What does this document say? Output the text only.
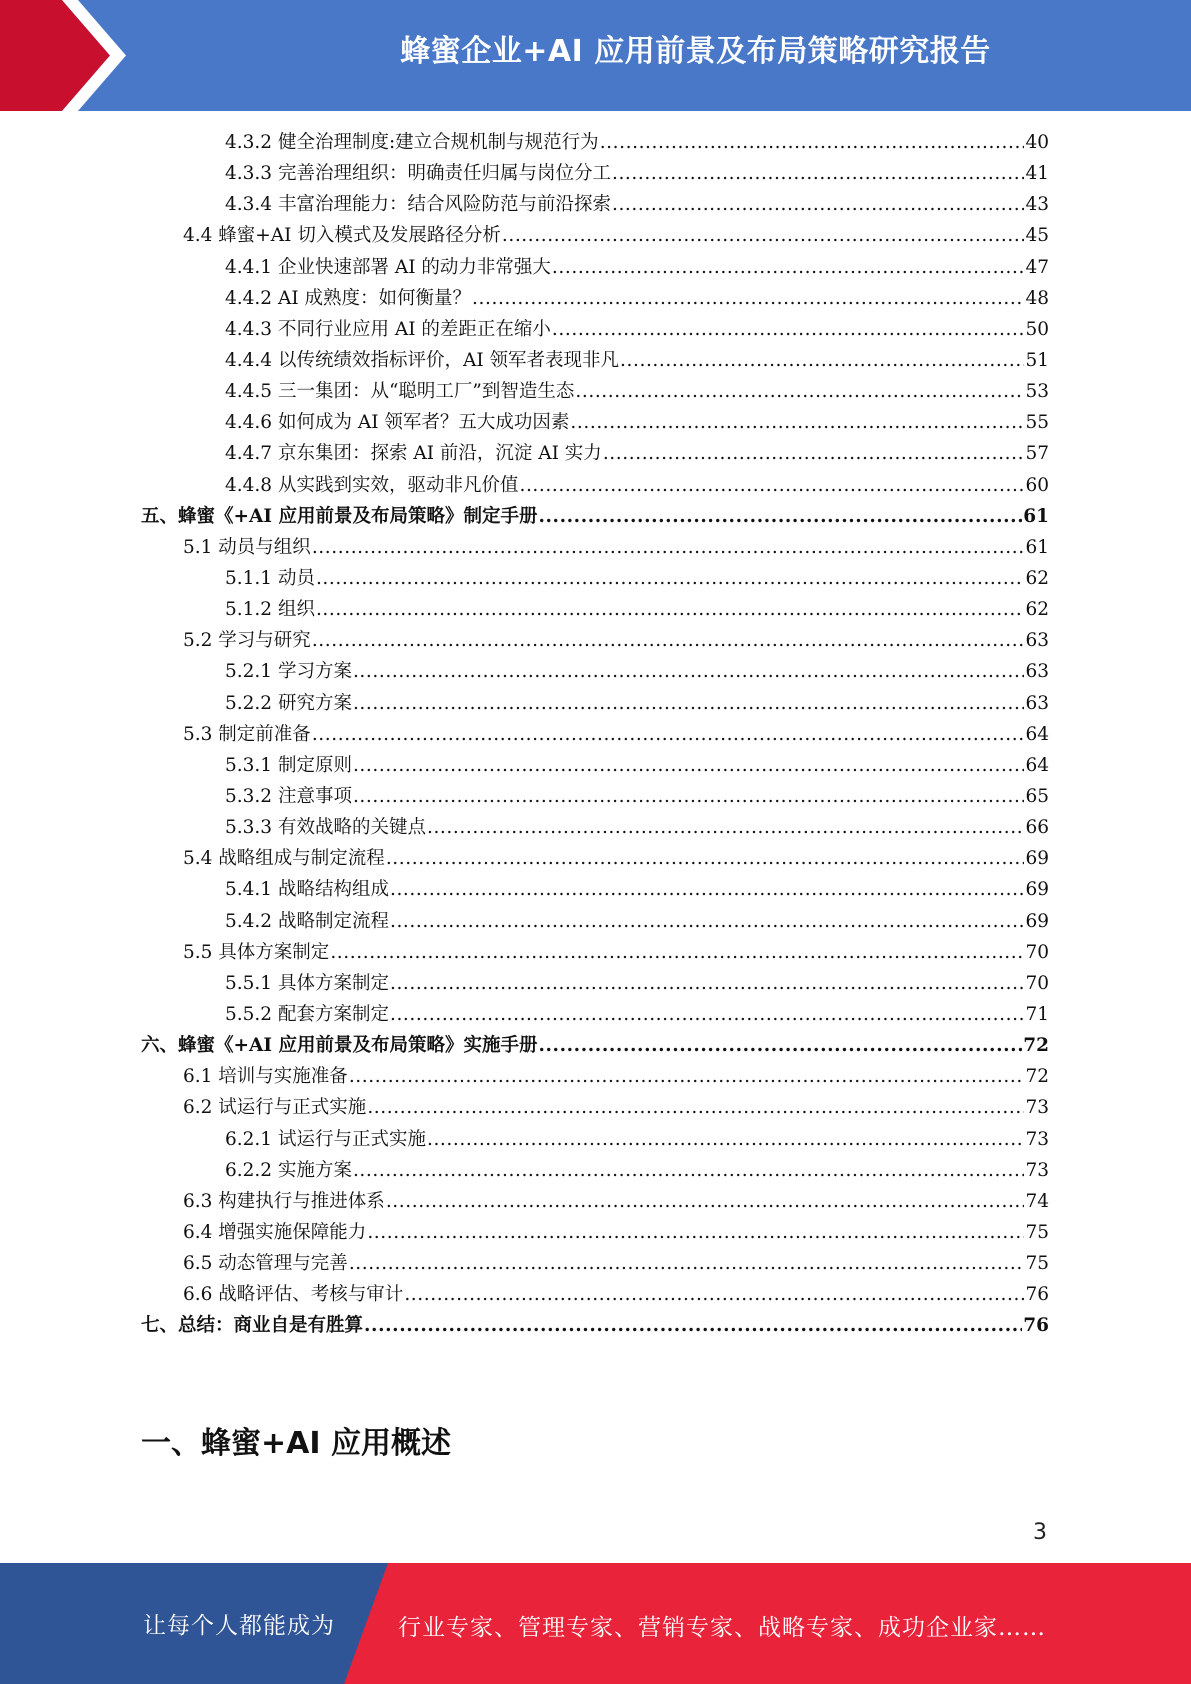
蜂蜜企业+AI 应用前景及布局策略研究报告
4.3.2 健全治理制度:建立合规机制与规范行为 .....	40
4.3.3 完善治理组织：明确责任归属与岗位分工 .....	41
4.3.4 丰富治理能力：结合风险防范与前沿探索 .....	43
4.4 蜂蜜+AI 切入模式及发展路径分析 .....	45
4.4.1 企业快速部署 AI 的动力非常强大 .....	47
4.4.2 AI 成熟度：如何衡量？ .....	48
4.4.3 不同行业应用 AI 的差距正在缩小 .....	50
4.4.4 以传统绩效指标评价，AI 领军者表现非凡 .....	51
4.4.5 三一集团：从“聪明工厂”到智造生态 .....	53
4.4.6 如何成为 AI 领军者？五大成功因素 .....	55
4.4.7 京东集团：探索 AI 前沿，沉淀 AI 实力 .....	57
4.4.8 从实践到实效，驱动非凡价值 .....	60
五、蜂蜜《+AI 应用前景及布局策略》制定手册 .....	61
5.1 动员与组织 .....	61
5.1.1 动员 .....	62
5.1.2 组织 .....	62
5.2 学习与研究 .....	63
5.2.1 学习方案 .....	63
5.2.2 研究方案 .....	63
5.3 制定前准备 .....	64
5.3.1 制定原则 .....	64
5.3.2 注意事项 .....	65
5.3.3 有效战略的关键点 .....	66
5.4 战略组成与制定流程 .....	69
5.4.1 战略结构组成 .....	69
5.4.2 战略制定流程 .....	69
5.5 具体方案制定 .....	70
5.5.1 具体方案制定 .....	70
5.5.2 配套方案制定 .....	71
六、蜂蜜《+AI 应用前景及布局策略》实施手册 .....	72
6.1 培训与实施准备 .....	72
6.2 试运行与正式实施 .....	73
6.2.1 试运行与正式实施 .....	73
6.2.2 实施方案 .....	73
6.3 构建执行与推进体系 .....	74
6.4 增强实施保障能力 .....	75
6.5 动态管理与完善 .....	75
6.6 战略评估、考核与审计 .....	76
七、总结：商业自是有胜算 .....	76
一、蜂蜜+AI 应用概述
3
让每个人都能成为	行业专家、管理专家、营销专家、战略专家、成功企业家……
